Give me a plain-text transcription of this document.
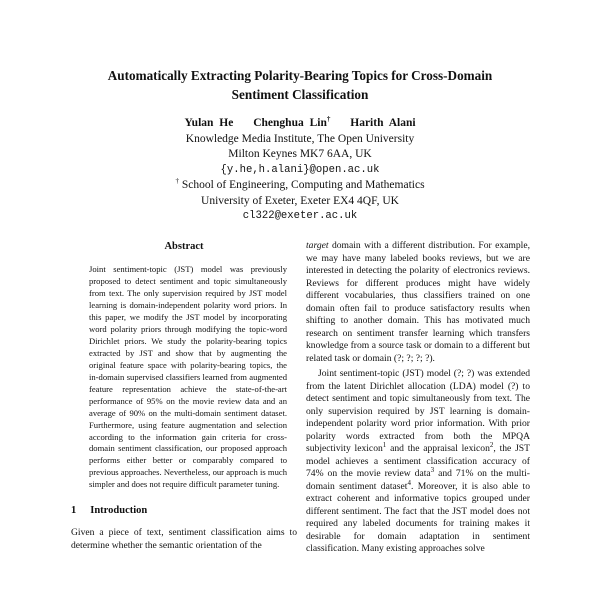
Automatically Extracting Polarity-Bearing Topics for Cross-Domain
Sentiment Classification
Yulan He Chenghua Lin† Harith Alani
Knowledge Media Institute, The Open University
Milton Keynes MK7 6AA, UK
{y.he,h.alani}@open.ac.uk
† School of Engineering, Computing and Mathematics
University of Exeter, Exeter EX4 4QF, UK
cl322@exeter.ac.uk
Abstract
Joint sentiment-topic (JST) model was previously proposed to detect sentiment and topic simultaneously from text. The only supervision required by JST model learning is domain-independent polarity word priors. In this paper, we modify the JST model by incorporating word polarity priors through modifying the topic-word Dirichlet priors. We study the polarity-bearing topics extracted by JST and show that by augmenting the original feature space with polarity-bearing topics, the in-domain supervised classifiers learned from augmented feature representation achieve the state-of-the-art performance of 95% on the movie review data and an average of 90% on the multi-domain sentiment dataset. Furthermore, using feature augmentation and selection according to the information gain criteria for cross-domain sentiment classification, our proposed approach performs either better or comparably compared to previous approaches. Nevertheless, our approach is much simpler and does not require difficult parameter tuning.
1 Introduction
Given a piece of text, sentiment classification aims to determine whether the semantic orientation of the

target domain with a different distribution. For example, we may have many labeled books reviews, but we are interested in detecting the polarity of electronics reviews. Reviews for different produces might have widely different vocabularies, thus classifiers trained on one domain often fail to produce satisfactory results when shifting to another domain. This has motivated much research on sentiment transfer learning which transfers knowledge from a source task or domain to a different but related task or domain (?; ?; ?; ?).

Joint sentiment-topic (JST) model (?; ?) was extended from the latent Dirichlet allocation (LDA) model (?) to detect sentiment and topic simultaneously from text. The only supervision required by JST learning is domain-independent polarity word prior information. With prior polarity words extracted from both the MPQA subjectivity lexicon$^1$ and the appraisal lexicon$^2$, the JST model achieves a sentiment classification accuracy of 74% on the movie review data$^3$ and 71% on the multi-domain sentiment dataset$^4$. Moreover, it is also able to extract coherent and informative topics grouped under different sentiment. The fact that the JST model does not required any labeled documents for training makes it desirable for domain adaptation in sentiment classification. Many existing approaches solve
